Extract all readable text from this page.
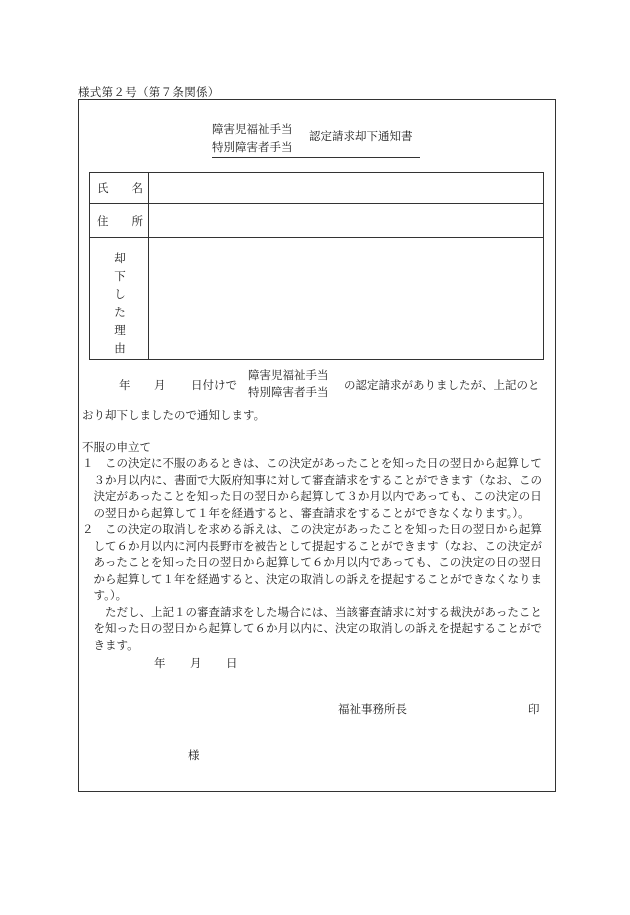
様式第２号（第７条関係）
障害児福祉手当
特別障害者手当
認定請求却下通知書
氏　　名
住　　所
却
下
し
た
理
由
年 月 日付けで
障害児福祉手当
特別障害者手当 の認定請求がありましたが、上記のと
おり却下しましたので通知します。
不服の申立て
１　この決定に不服のあるときは、この決定があったことを知った日の翌日から起算して
　３か月以内に、書面で大阪府知事に対して審査請求をすることができます（なお、この
　決定があったことを知った日の翌日から起算して３か月以内であっても、この決定の日
　の翌日から起算して１年を経過すると、審査請求をすることができなくなります。）。
２　この決定の取消しを求める訴えは、この決定があったことを知った日の翌日から起算
　して６か月以内に河内長野市を被告として提起することができます（なお、この決定が
　あったことを知った日の翌日から起算して６か月以内であっても、この決定の日の翌日
　から起算して１年を経過すると、決定の取消しの訴えを提起することができなくなりま
　す。）。
　　ただし、上記１の審査請求をした場合には、当該審査請求に対する裁決があったこと
　を知った日の翌日から起算して６か月以内に、決定の取消しの訴えを提起することがで
　きます。
年 月 日
福祉事務所長	印
様
